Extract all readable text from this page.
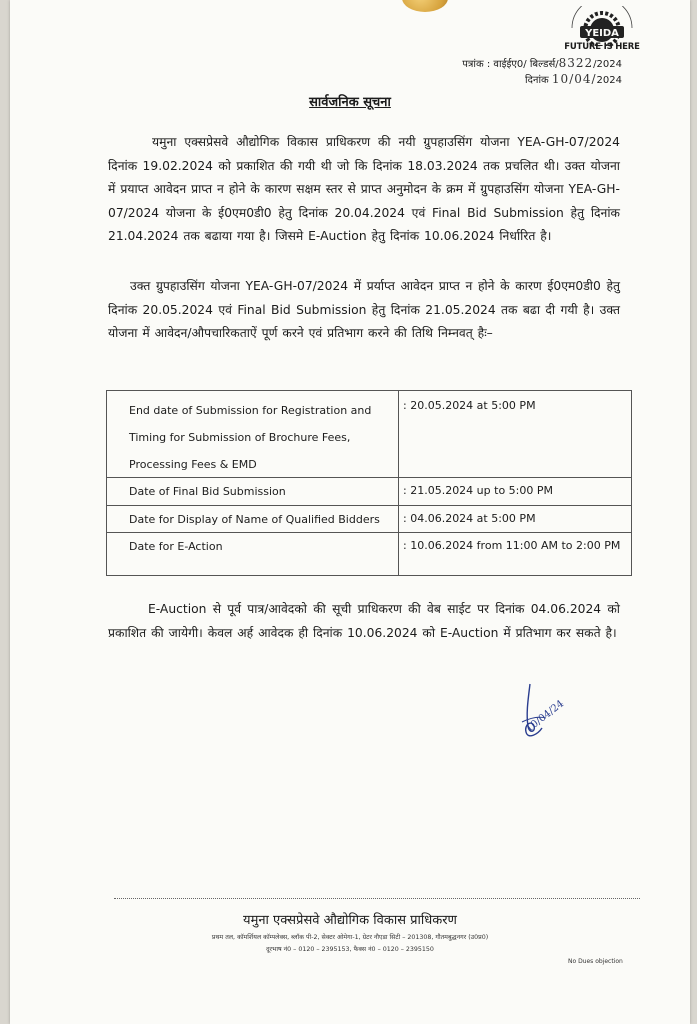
YEIDA
FUTURE IS HERE
पत्रांक : वाईईए0/ बिल्डर्स/8322/2024
दिनांक 10/04/2024
सार्वजनिक सूचना
यमुना एक्सप्रेसवे औद्योगिक विकास प्राधिकरण की नयी ग्रुपहाउसिंग योजना YEA-GH-07/2024 दिनांक 19.02.2024 को प्रकाशित की गयी थी जो कि दिनांक 18.03.2024 तक प्रचलित थी। उक्त योजना में प्रयाप्त आवेदन प्राप्त न होने के कारण सक्षम स्तर से प्राप्त अनुमोदन के क्रम में ग्रुपहाउसिंग योजना YEA-GH-07/2024 योजना के ई0एम0डी0 हेतु दिनांक 20.04.2024 एवं Final Bid Submission हेतु दिनांक 21.04.2024 तक बढाया गया है। जिसमे E-Auction हेतु दिनांक 10.06.2024 निर्धारित है।
उक्त ग्रुपहाउसिंग योजना YEA-GH-07/2024 में प्रर्याप्त आवेदन प्राप्त न होने के कारण ई0एम0डी0 हेतु दिनांक 20.05.2024 एवं Final Bid Submission हेतु दिनांक 21.05.2024 तक बढा दी गयी है। उक्त योजना में आवेदन/औपचारिकताऐं पूर्ण करने एवं प्रतिभाग करने की तिथि निम्नवत् हैः–
End date of Submission for Registration and Timing for Submission of Brochure Fees, Processing Fees & EMD
: 20.05.2024 at 5:00 PM
Date of Final Bid Submission	: 21.05.2024 up to 5:00 PM
Date for Display of Name of Qualified Bidders	: 04.06.2024 at 5:00 PM
Date for E-Action	: 10.06.2024 from 11:00 AM to 2:00 PM
E-Auction से पूर्व पात्र/आवेदको की सूची प्राधिकरण की वेब साईट पर दिनांक 04.06.2024 को प्रकाशित की जायेगी। केवल अर्ह आवेदक ही दिनांक 10.06.2024 को E-Auction में प्रतिभाग कर सकते है।
10/04/24
यमुना एक्सप्रेसवे औद्योगिक विकास प्राधिकरण
प्रथम तल, कॉमर्शियल कॉम्पलेक्स, ब्लॉक पी-2, सेक्टर ओमेगा-1, ग्रेटर नौएडा सिटी – 201308, गौतमबुद्धनगर (उ0प्र0)
दूरभाष नं0 – 0120 – 2395153, फैक्स नं0 – 0120 – 2395150
No Dues objection
